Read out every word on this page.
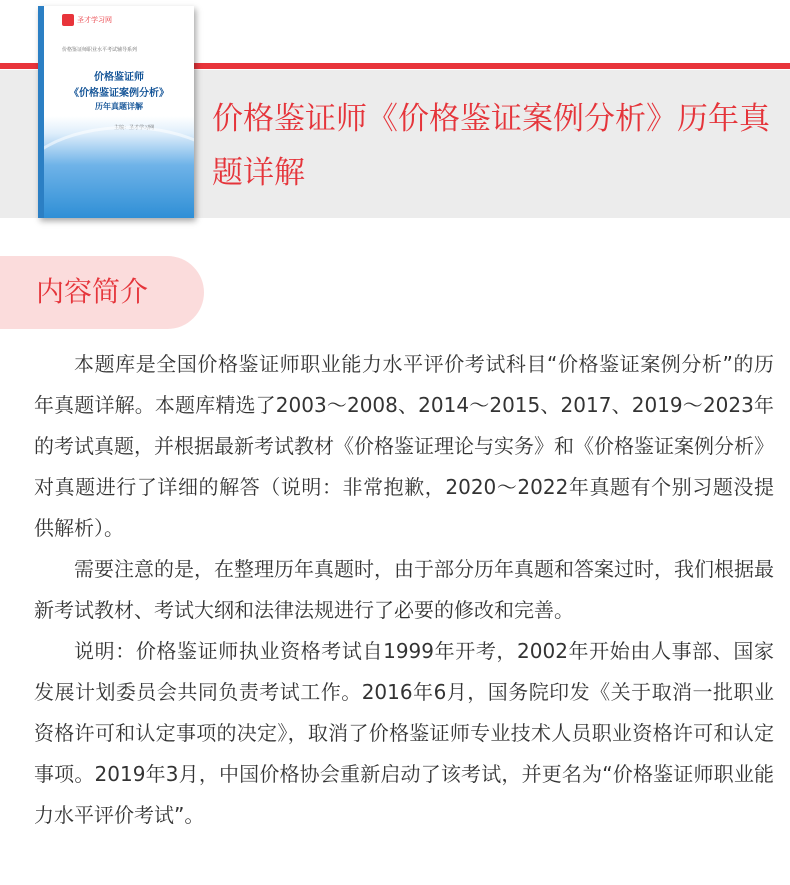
圣才学习网
价格鉴证师职业水平考试辅导系列
价格鉴证师
《价格鉴证案例分析》
历年真题详解
主编：圣才学习网 价格鉴证师《价格鉴证案例分析》历年真题详解
内容简介

本题库是全国价格鉴证师职业能力水平评价考试科目“价格鉴证案例分析”的历年真题详解。本题库精选了2003～2008、2014～2015、2017、2019～2023年的考试真题，并根据最新考试教材《价格鉴证理论与实务》和《价格鉴证案例分析》对真题进行了详细的解答（说明：非常抱歉，2020～2022年真题有个别习题没提供解析）。

需要注意的是，在整理历年真题时，由于部分历年真题和答案过时，我们根据最新考试教材、考试大纲和法律法规进行了必要的修改和完善。

说明：价格鉴证师执业资格考试自1999年开考，2002年开始由人事部、国家发展计划委员会共同负责考试工作。2016年6月，国务院印发《关于取消一批职业资格许可和认定事项的决定》，取消了价格鉴证师专业技术人员职业资格许可和认定事项。2019年3月，中国价格协会重新启动了该考试，并更名为“价格鉴证师职业能力水平评价考试”。
